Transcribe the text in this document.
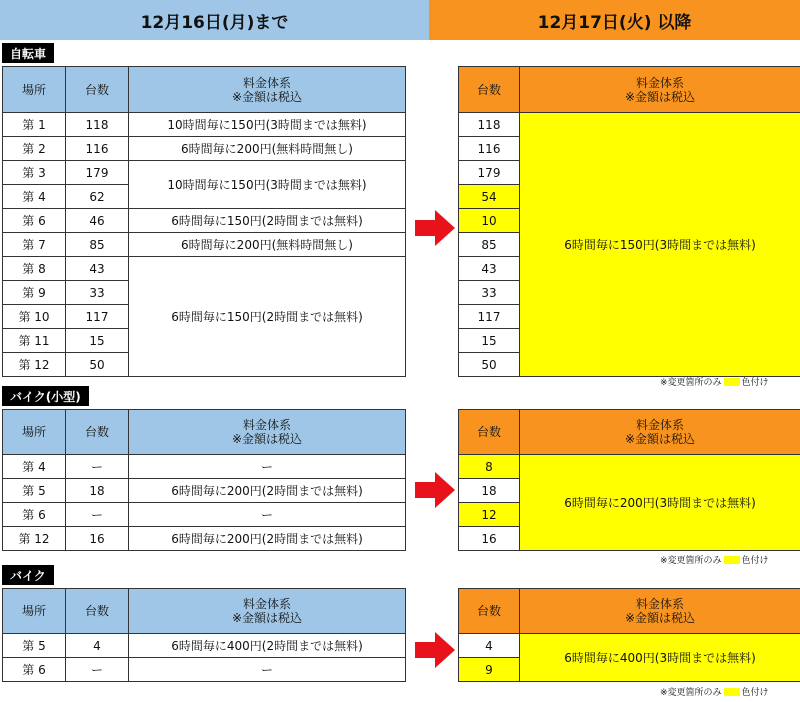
12月16日(月)まで	12月17日(火) 以降
自転車
場所	台数	料金体系
※金額は税込
第 1	118	10時間毎に150円(3時間までは無料)
第 2	116	6時間毎に200円(無料時間無し)
第 3	179	10時間毎に150円(3時間までは無料)
第 4	62	
第 6	46	6時間毎に150円(2時間までは無料)
第 7	85	6時間毎に200円(無料時間無し)
第 8	43	6時間毎に150円(2時間までは無料)
第 9	33	
第 10	117	
第 11	15	
第 12	50	
台数	料金体系
※金額は税込
118	6時間毎に150円(3時間までは無料)
116	
179	
54	
10	
85	
43	
33	
117	
15	
50	
※変更箇所のみ 色付け
バイク(小型)
場所	台数	料金体系
※金額は税込
第 4	ー	ー
第 5	18	6時間毎に200円(2時間までは無料)
第 6	ー	ー
第 12	16	6時間毎に200円(2時間までは無料)
台数	料金体系
※金額は税込
8	6時間毎に200円(3時間までは無料)
18	
12	
16	
※変更箇所のみ 色付け
バイク
場所	台数	料金体系
※金額は税込
第 5	4	6時間毎に400円(2時間までは無料)
第 6	ー	ー
台数	料金体系
※金額は税込
4	6時間毎に400円(3時間までは無料)
9	
※変更箇所のみ 色付け
